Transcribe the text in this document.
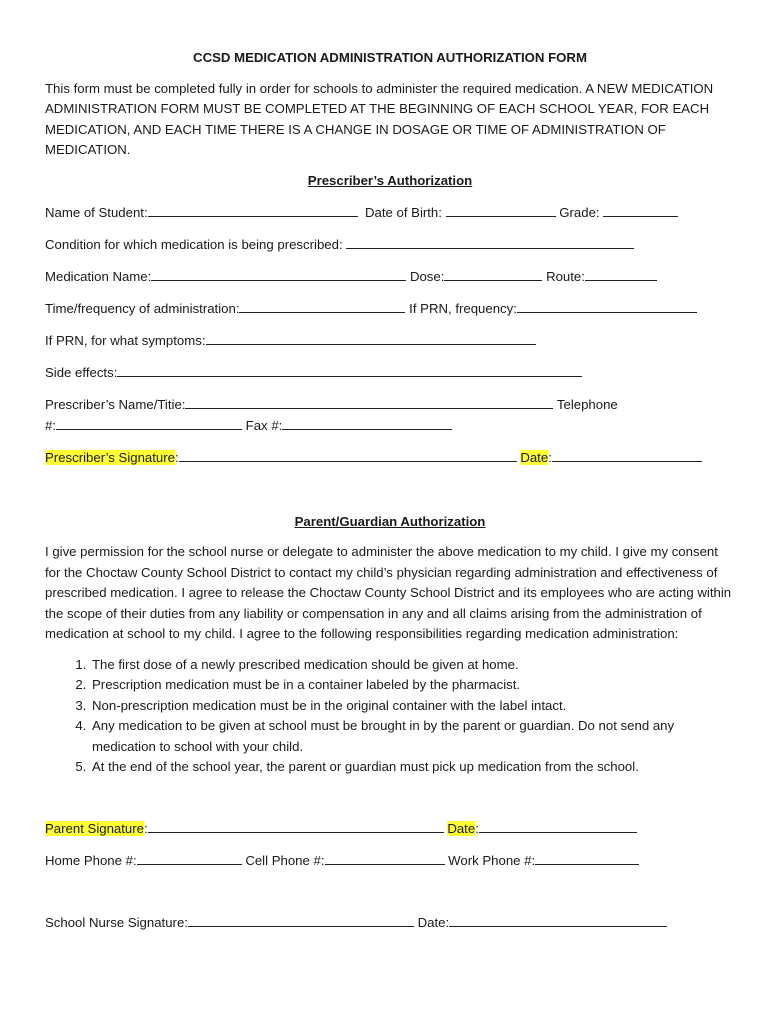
CCSD MEDICATION ADMINISTRATION AUTHORIZATION FORM

This form must be completed fully in order for schools to administer the required medication. A NEW MEDICATION ADMINISTRATION FORM MUST BE COMPLETED AT THE BEGINNING OF EACH SCHOOL YEAR, FOR EACH MEDICATION, AND EACH TIME THERE IS A CHANGE IN DOSAGE OR TIME OF ADMINISTRATION OF MEDICATION.

Prescriber’s Authorization
Name of Student:	Date of Birth:	Grade:
Condition for which medication is being prescribed:
Medication Name:	Dose:	Route:
Time/frequency of administration:	If PRN, frequency:
If PRN, for what symptoms:
Side effects:
Prescriber’s Name/Titie:	Telephone
#:	Fax #:
Prescriber’s Signature:	Date:
Parent/Guardian Authorization

I give permission for the school nurse or delegate to administer the above medication to my child. I give my consent for the Choctaw County School District to contact my child’s physician regarding administration and effectiveness of prescribed medication. I agree to release the Choctaw County School District and its employees who are acting within the scope of their duties from any liability or compensation in any and all claims arising from the administration of medication at school to my child. I agree to the following responsibilities regarding medication administration:

1. The first dose of a newly prescribed medication should be given at home.
2. Prescription medication must be in a container labeled by the pharmacist.
3. Non-prescription medication must be in the original container with the label intact.
4. Any medication to be given at school must be brought in by the parent or guardian. Do not send any medication to school with your child.
5. At the end of the school year, the parent or guardian must pick up medication from the school.
Parent Signature:	Date:
Home Phone #:	Cell Phone #:	Work Phone #:
School Nurse Signature:	Date:
